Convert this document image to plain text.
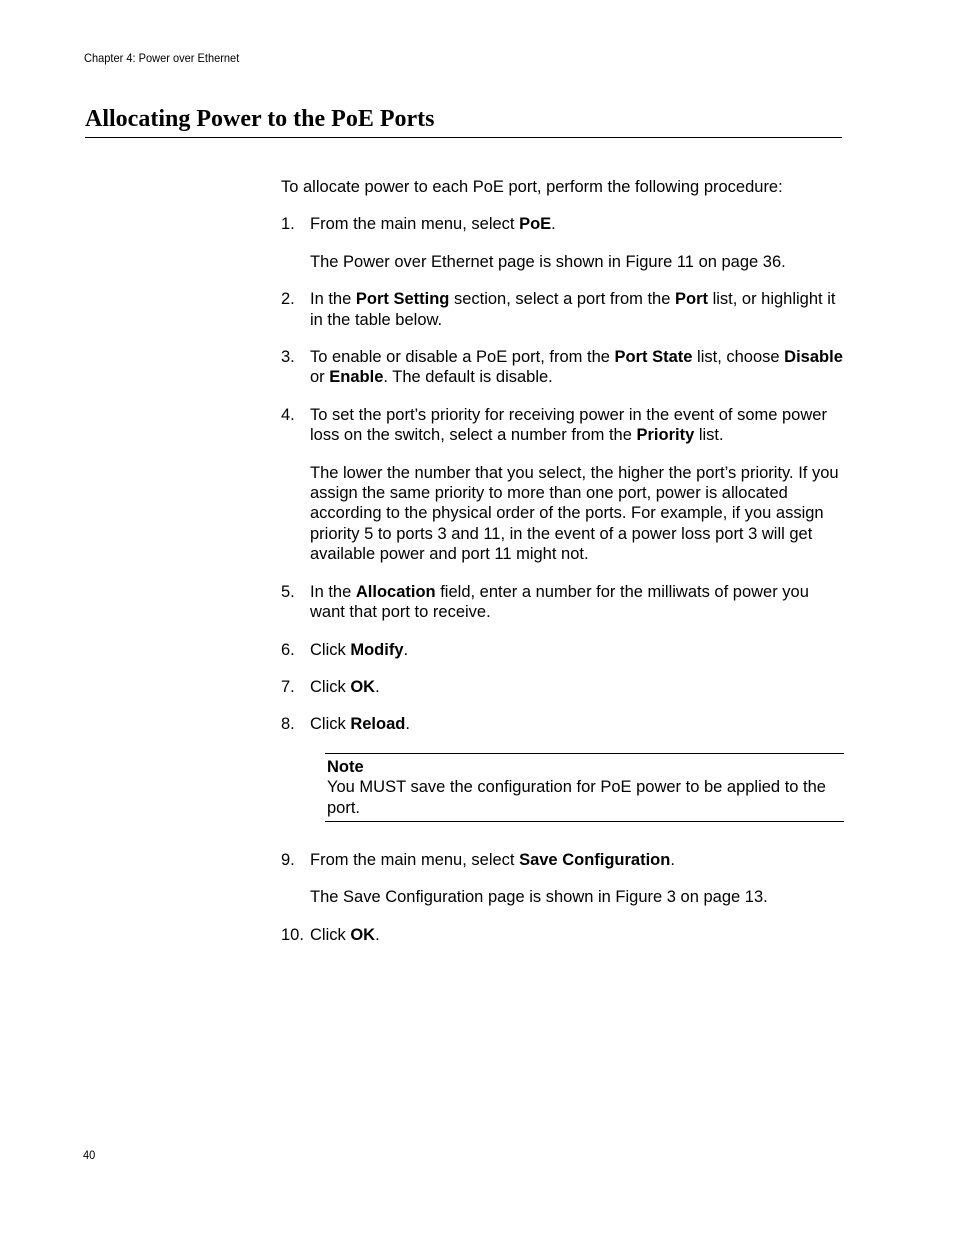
Chapter 4: Power over Ethernet
Allocating Power to the PoE Ports

To allocate power to each PoE port, perform the following procedure:

1. From the main menu, select PoE.

The Power over Ethernet page is shown in Figure 11 on page 36.

2. In the Port Setting section, select a port from the Port list, or highlight it in the table below.

3. To enable or disable a PoE port, from the Port State list, choose Disable or Enable. The default is disable.

4. To set the port’s priority for receiving power in the event of some power loss on the switch, select a number from the Priority list.

The lower the number that you select, the higher the port’s priority. If you assign the same priority to more than one port, power is allocated according to the physical order of the ports. For example, if you assign priority 5 to ports 3 and 11, in the event of a power loss port 3 will get available power and port 11 might not.

5. In the Allocation field, enter a number for the milliwats of power you want that port to receive.

6. Click Modify.

7. Click OK.

8. Click Reload.

Note
You MUST save the configuration for PoE power to be applied to the port.
9. From the main menu, select Save Configuration.

The Save Configuration page is shown in Figure 3 on page 13.

10. Click OK.

40
